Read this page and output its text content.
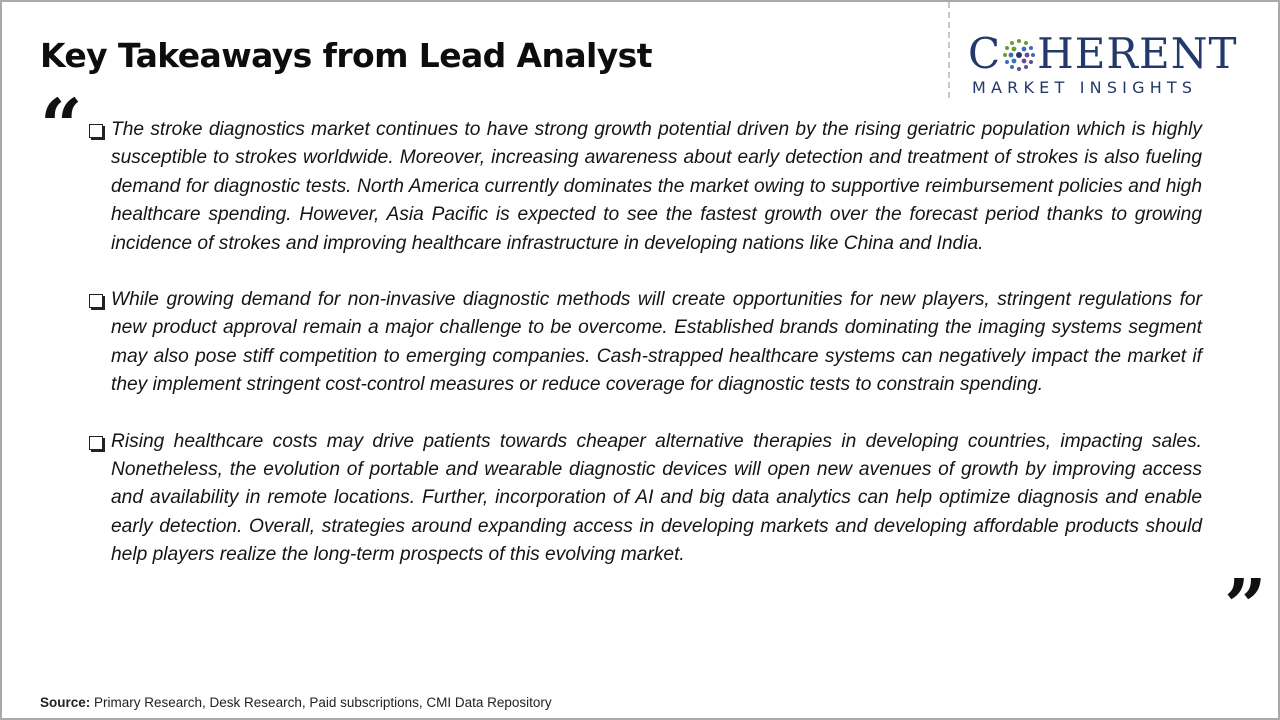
Key Takeaways from Lead Analyst	C HERENT
MARKET INSIGHTS
“ The stroke diagnostics market continues to have strong growth potential driven by the rising geriatric population which is highly susceptible to strokes worldwide. Moreover, increasing awareness about early detection and treatment of strokes is also fueling demand for diagnostic tests. North America currently dominates the market owing to supportive reimbursement policies and high healthcare spending. However, Asia Pacific is expected to see the fastest growth over the forecast period thanks to growing incidence of strokes and improving healthcare infrastructure in developing nations like China and India.

While growing demand for non-invasive diagnostic methods will create opportunities for new players, stringent regulations for new product approval remain a major challenge to be overcome. Established brands dominating the imaging systems segment may also pose stiff competition to emerging companies. Cash-strapped healthcare systems can negatively impact the market if they implement stringent cost-control measures or reduce coverage for diagnostic tests to constrain spending.

Rising healthcare costs may drive patients towards cheaper alternative therapies in developing countries, impacting sales. Nonetheless, the evolution of portable and wearable diagnostic devices will open new avenues of growth by improving access and availability in remote locations. Further, incorporation of AI and big data analytics can help optimize diagnosis and enable early detection. Overall, strategies around expanding access in developing markets and developing affordable products should help players realize the long-term prospects of this evolving market.

”
Source: Primary Research, Desk Research, Paid subscriptions, CMI Data Repository
